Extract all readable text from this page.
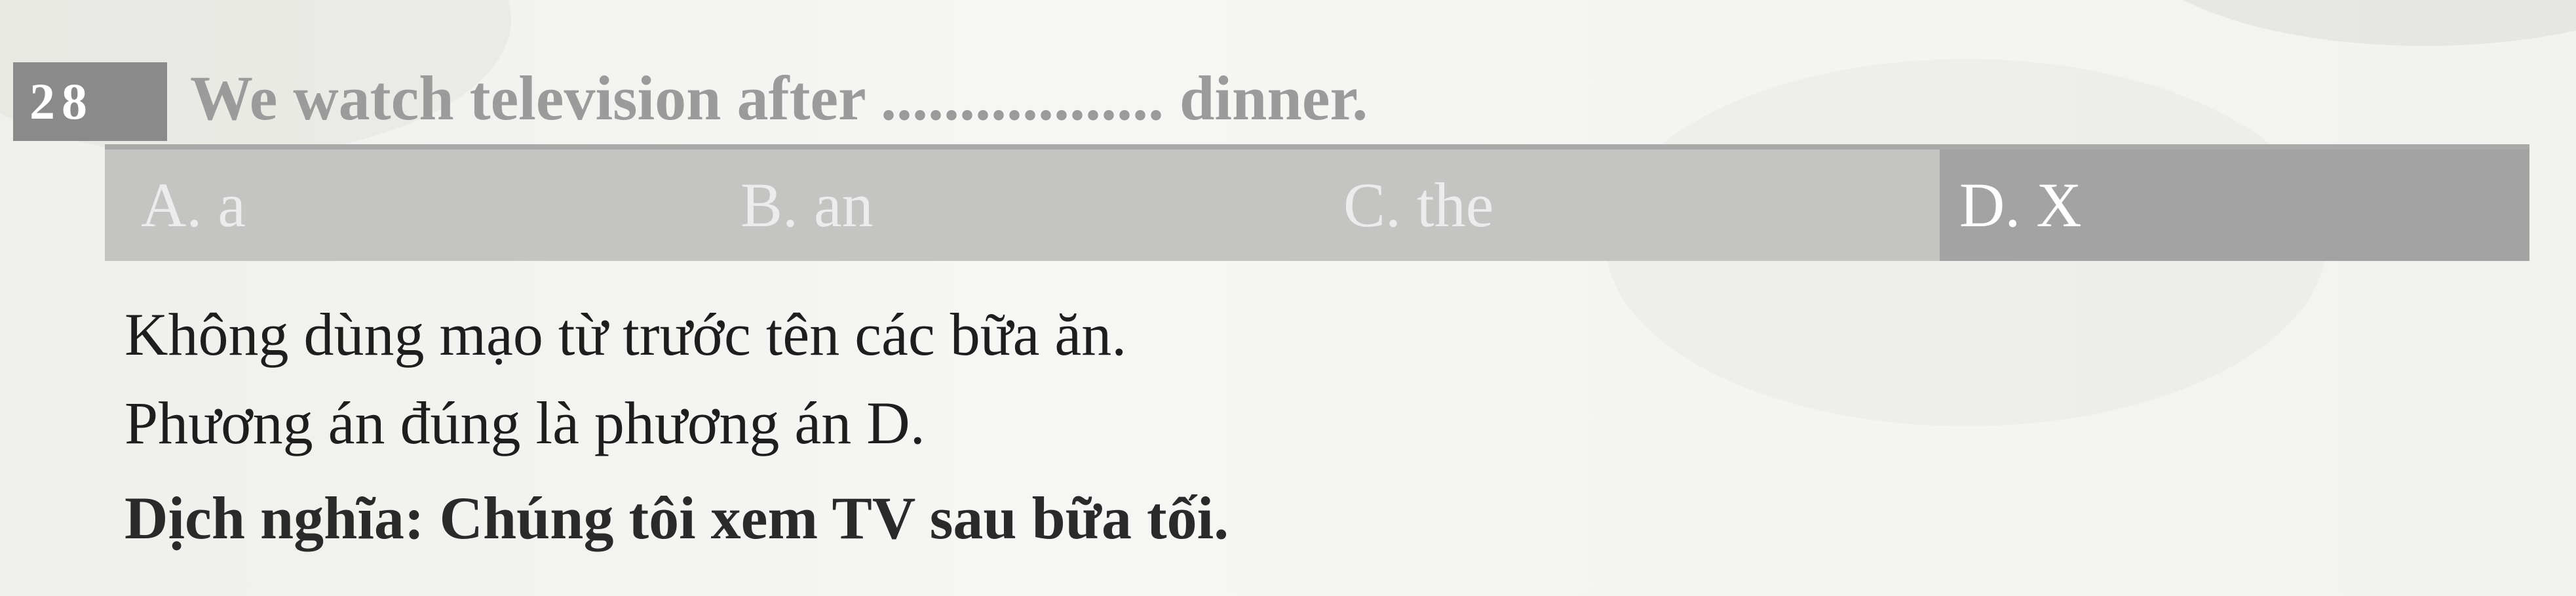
28	We watch television after .................. dinner.
A. a	B. an	C. the	D. X
Không dùng mạo từ trước tên các bữa ăn.
Phương án đúng là phương án D.
Dịch nghĩa: Chúng tôi xem TV sau bữa tối.
